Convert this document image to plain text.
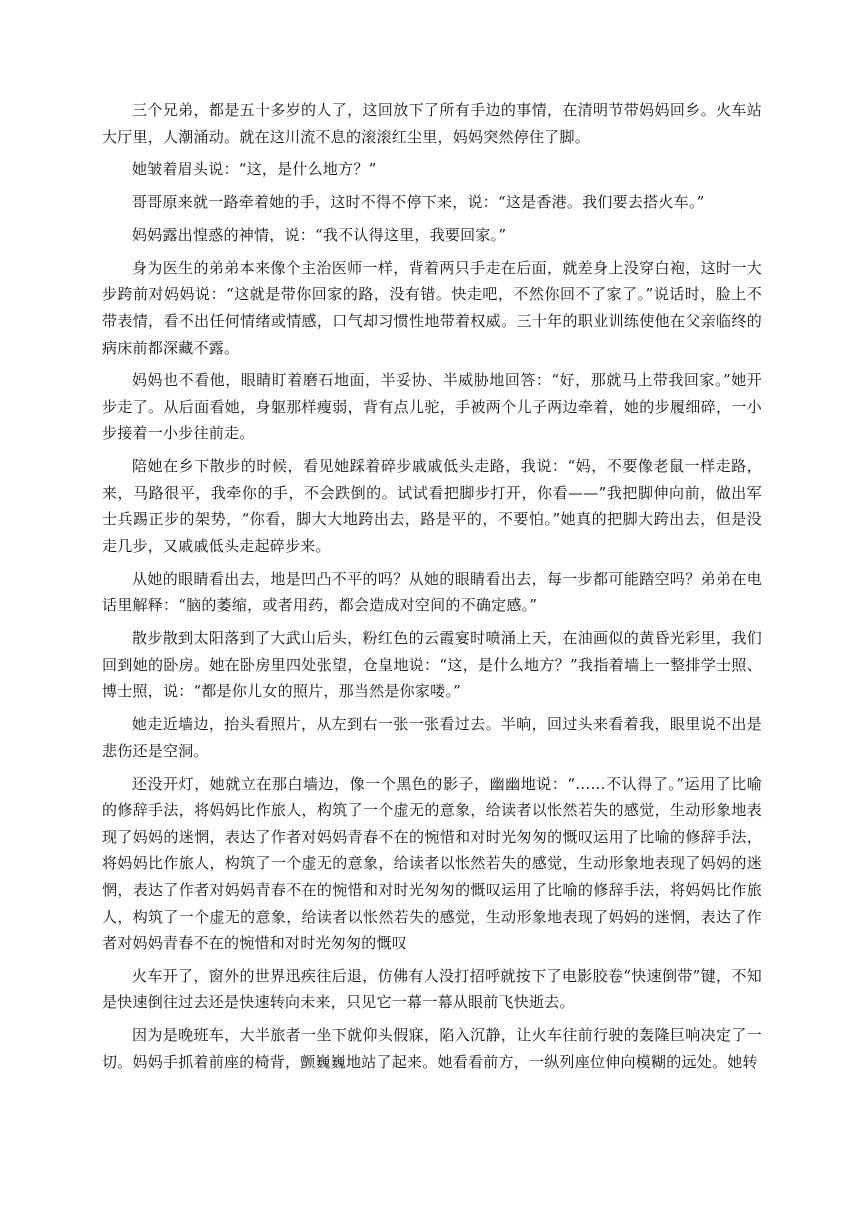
三个兄弟，都是五十多岁的人了，这回放下了所有手边的事情，在清明节带妈妈回乡。火车站大厅里，人潮涌动。就在这川流不息的滚滚红尘里，妈妈突然停住了脚。

她皱着眉头说：“这，是什么地方？”

哥哥原来就一路牵着她的手，这时不得不停下来，说：“这是香港。我们要去搭火车。”

妈妈露出惶惑的神情，说：“我不认得这里，我要回家。”

身为医生的弟弟本来像个主治医师一样，背着两只手走在后面，就差身上没穿白袍，这时一大步跨前对妈妈说：“这就是带你回家的路，没有错。快走吧，不然你回不了家了。”说话时，脸上不带表情，看不出任何情绪或情感，口气却习惯性地带着权威。三十年的职业训练使他在父亲临终的病床前都深藏不露。

妈妈也不看他，眼睛盯着磨石地面，半妥协、半威胁地回答：“好，那就马上带我回家。”她开步走了。从后面看她，身躯那样瘦弱，背有点儿驼，手被两个儿子两边牵着，她的步履细碎，一小步接着一小步往前走。

陪她在乡下散步的时候，看见她踩着碎步戚戚低头走路，我说：“妈，不要像老鼠一样走路，来，马路很平，我牵你的手，不会跌倒的。试试看把脚步打开，你看——”我把脚伸向前，做出军士兵踢正步的架势，“你看，脚大大地跨出去，路是平的，不要怕。”她真的把脚大跨出去，但是没走几步，又戚戚低头走起碎步来。

从她的眼睛看出去，地是凹凸不平的吗？从她的眼睛看出去，每一步都可能踏空吗？弟弟在电话里解释：“脑的萎缩，或者用药，都会造成对空间的不确定感。”

散步散到太阳落到了大武山后头，粉红色的云霞宴时喷涌上天，在油画似的黄昏光彩里，我们回到她的卧房。她在卧房里四处张望，仓皇地说：“这，是什么地方？”我指着墙上一整排学士照、博士照，说：“都是你儿女的照片，那当然是你家喽。”

她走近墙边，抬头看照片，从左到右一张一张看过去。半晌，回过头来看着我，眼里说不出是悲伤还是空洞。

还没开灯，她就立在那白墙边，像一个黑色的影子，幽幽地说：“……不认得了。”运用了比喻的修辞手法，将妈妈比作旅人，构筑了一个虚无的意象，给读者以怅然若失的感觉，生动形象地表现了妈妈的迷惘，表达了作者对妈妈青春不在的惋惜和对时光匆匆的慨叹运用了比喻的修辞手法，将妈妈比作旅人，构筑了一个虚无的意象，给读者以怅然若失的感觉，生动形象地表现了妈妈的迷惘，表达了作者对妈妈青春不在的惋惜和对时光匆匆的慨叹运用了比喻的修辞手法，将妈妈比作旅人，构筑了一个虚无的意象，给读者以怅然若失的感觉，生动形象地表现了妈妈的迷惘，表达了作者对妈妈青春不在的惋惜和对时光匆匆的慨叹

火车开了，窗外的世界迅疾往后退，仿佛有人没打招呼就按下了电影胶卷“快速倒带”键，不知是快速倒往过去还是快速转向未来，只见它一幕一幕从眼前飞快逝去。

因为是晚班车，大半旅者一坐下就仰头假寐，陷入沉静，让火车往前行驶的轰隆巨响决定了一切。妈妈手抓着前座的椅背，颤巍巍地站了起来。她看看前方，一纵列座位伸向模糊的远处。她转
